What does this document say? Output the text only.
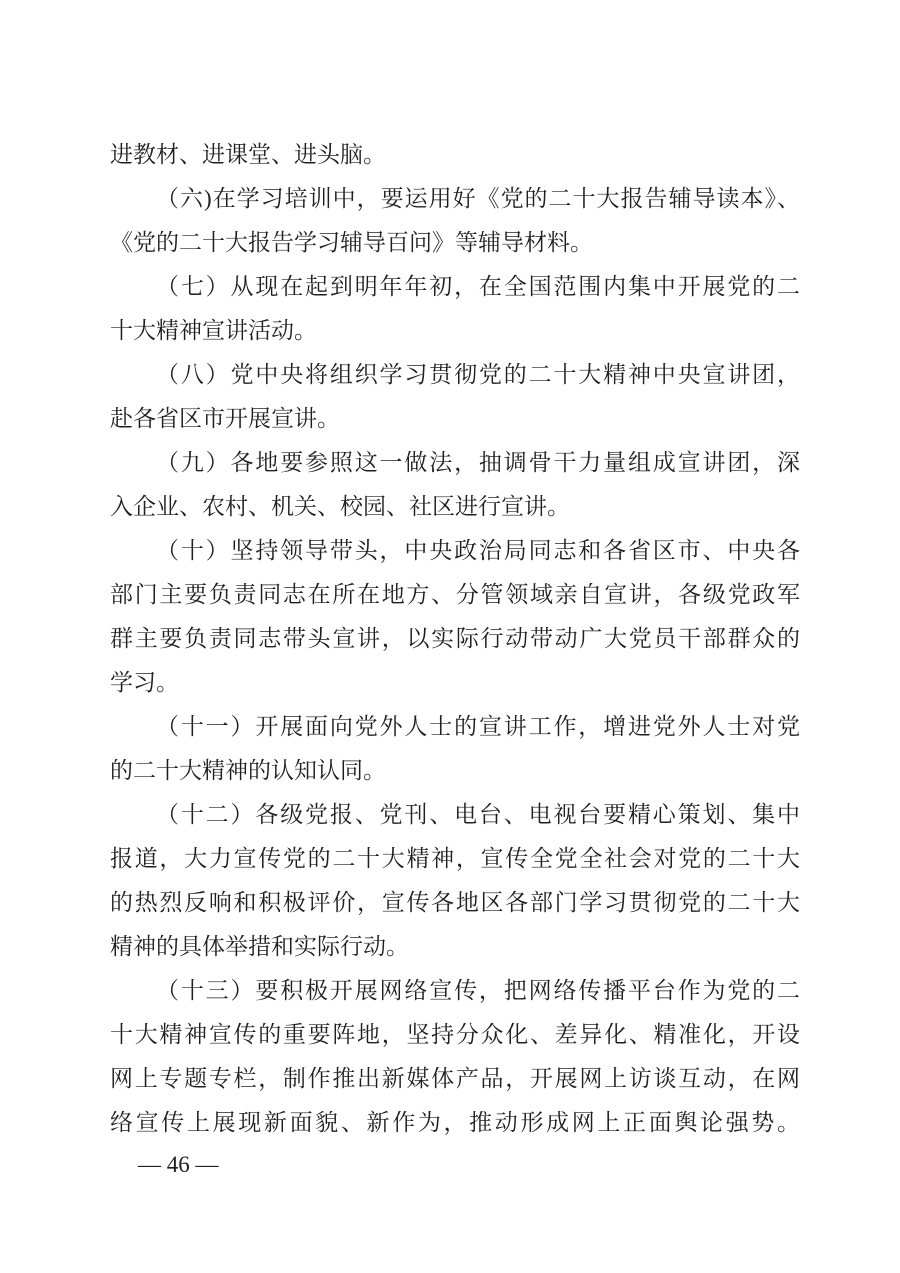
进教材、进课堂、进头脑。
（六)在学习培训中，要运用好《党的二十大报告辅导读本》、
《党的二十大报告学习辅导百问》等辅导材料。
（七）从现在起到明年年初，在全国范围内集中开展党的二
十大精神宣讲活动。
（八）党中央将组织学习贯彻党的二十大精神中央宣讲团，
赴各省区市开展宣讲。
（九）各地要参照这一做法，抽调骨干力量组成宣讲团，深
入企业、农村、机关、校园、社区进行宣讲。
（十）坚持领导带头，中央政治局同志和各省区市、中央各
部门主要负责同志在所在地方、分管领域亲自宣讲，各级党政军
群主要负责同志带头宣讲，以实际行动带动广大党员干部群众的
学习。
（十一）开展面向党外人士的宣讲工作，增进党外人士对党
的二十大精神的认知认同。
（十二）各级党报、党刊、电台、电视台要精心策划、集中
报道，大力宣传党的二十大精神，宣传全党全社会对党的二十大
的热烈反响和积极评价，宣传各地区各部门学习贯彻党的二十大
精神的具体举措和实际行动。
（十三）要积极开展网络宣传，把网络传播平台作为党的二
十大精神宣传的重要阵地，坚持分众化、差异化、精准化，开设
网上专题专栏，制作推出新媒体产品，开展网上访谈互动，在网
络宣传上展现新面貌、新作为，推动形成网上正面舆论强势。
— 46 —
